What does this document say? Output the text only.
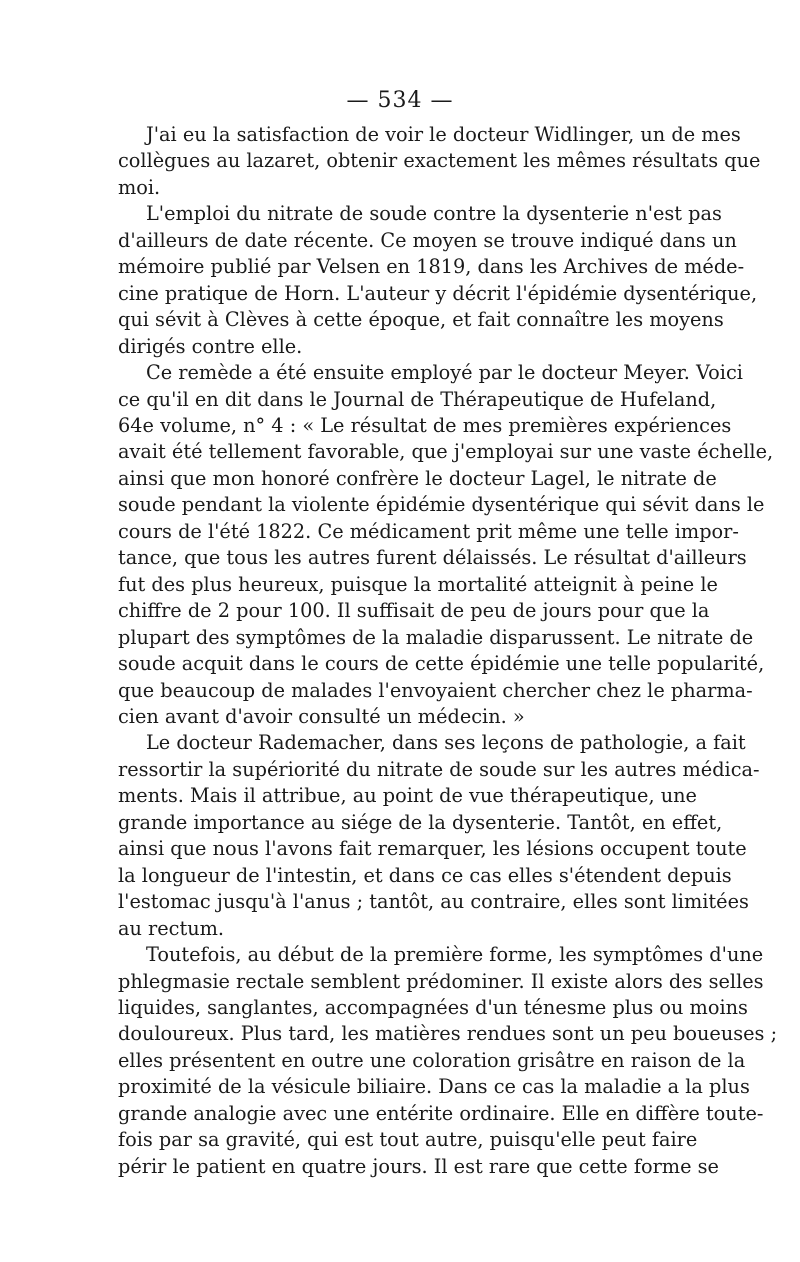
— 534 —
J'ai eu la satisfaction de voir le docteur Widlinger, un de mes
collègues au lazaret, obtenir exactement les mêmes résultats que
moi.
L'emploi du nitrate de soude contre la dysenterie n'est pas
d'ailleurs de date récente. Ce moyen se trouve indiqué dans un
mémoire publié par Velsen en 1819, dans les Archives de méde-
cine pratique de Horn. L'auteur y décrit l'épidémie dysentérique,
qui sévit à Clèves à cette époque, et fait connaître les moyens
dirigés contre elle.
Ce remède a été ensuite employé par le docteur Meyer. Voici
ce qu'il en dit dans le Journal de Thérapeutique de Hufeland,
64e volume, n° 4 : « Le résultat de mes premières expériences
avait été tellement favorable, que j'employai sur une vaste échelle,
ainsi que mon honoré confrère le docteur Lagel, le nitrate de
soude pendant la violente épidémie dysentérique qui sévit dans le
cours de l'été 1822. Ce médicament prit même une telle impor-
tance, que tous les autres furent délaissés. Le résultat d'ailleurs
fut des plus heureux, puisque la mortalité atteignit à peine le
chiffre de 2 pour 100. Il suffisait de peu de jours pour que la
plupart des symptômes de la maladie disparussent. Le nitrate de
soude acquit dans le cours de cette épidémie une telle popularité,
que beaucoup de malades l'envoyaient chercher chez le pharma-
cien avant d'avoir consulté un médecin. »
Le docteur Rademacher, dans ses leçons de pathologie, a fait
ressortir la supériorité du nitrate de soude sur les autres médica-
ments. Mais il attribue, au point de vue thérapeutique, une
grande importance au siége de la dysenterie. Tantôt, en effet,
ainsi que nous l'avons fait remarquer, les lésions occupent toute
la longueur de l'intestin, et dans ce cas elles s'étendent depuis
l'estomac jusqu'à l'anus ; tantôt, au contraire, elles sont limitées
au rectum.
Toutefois, au début de la première forme, les symptômes d'une
phlegmasie rectale semblent prédominer. Il existe alors des selles
liquides, sanglantes, accompagnées d'un ténesme plus ou moins
douloureux. Plus tard, les matières rendues sont un peu boueuses ;
elles présentent en outre une coloration grisâtre en raison de la
proximité de la vésicule biliaire. Dans ce cas la maladie a la plus
grande analogie avec une entérite ordinaire. Elle en diffère toute-
fois par sa gravité, qui est tout autre, puisqu'elle peut faire
périr le patient en quatre jours. Il est rare que cette forme se
